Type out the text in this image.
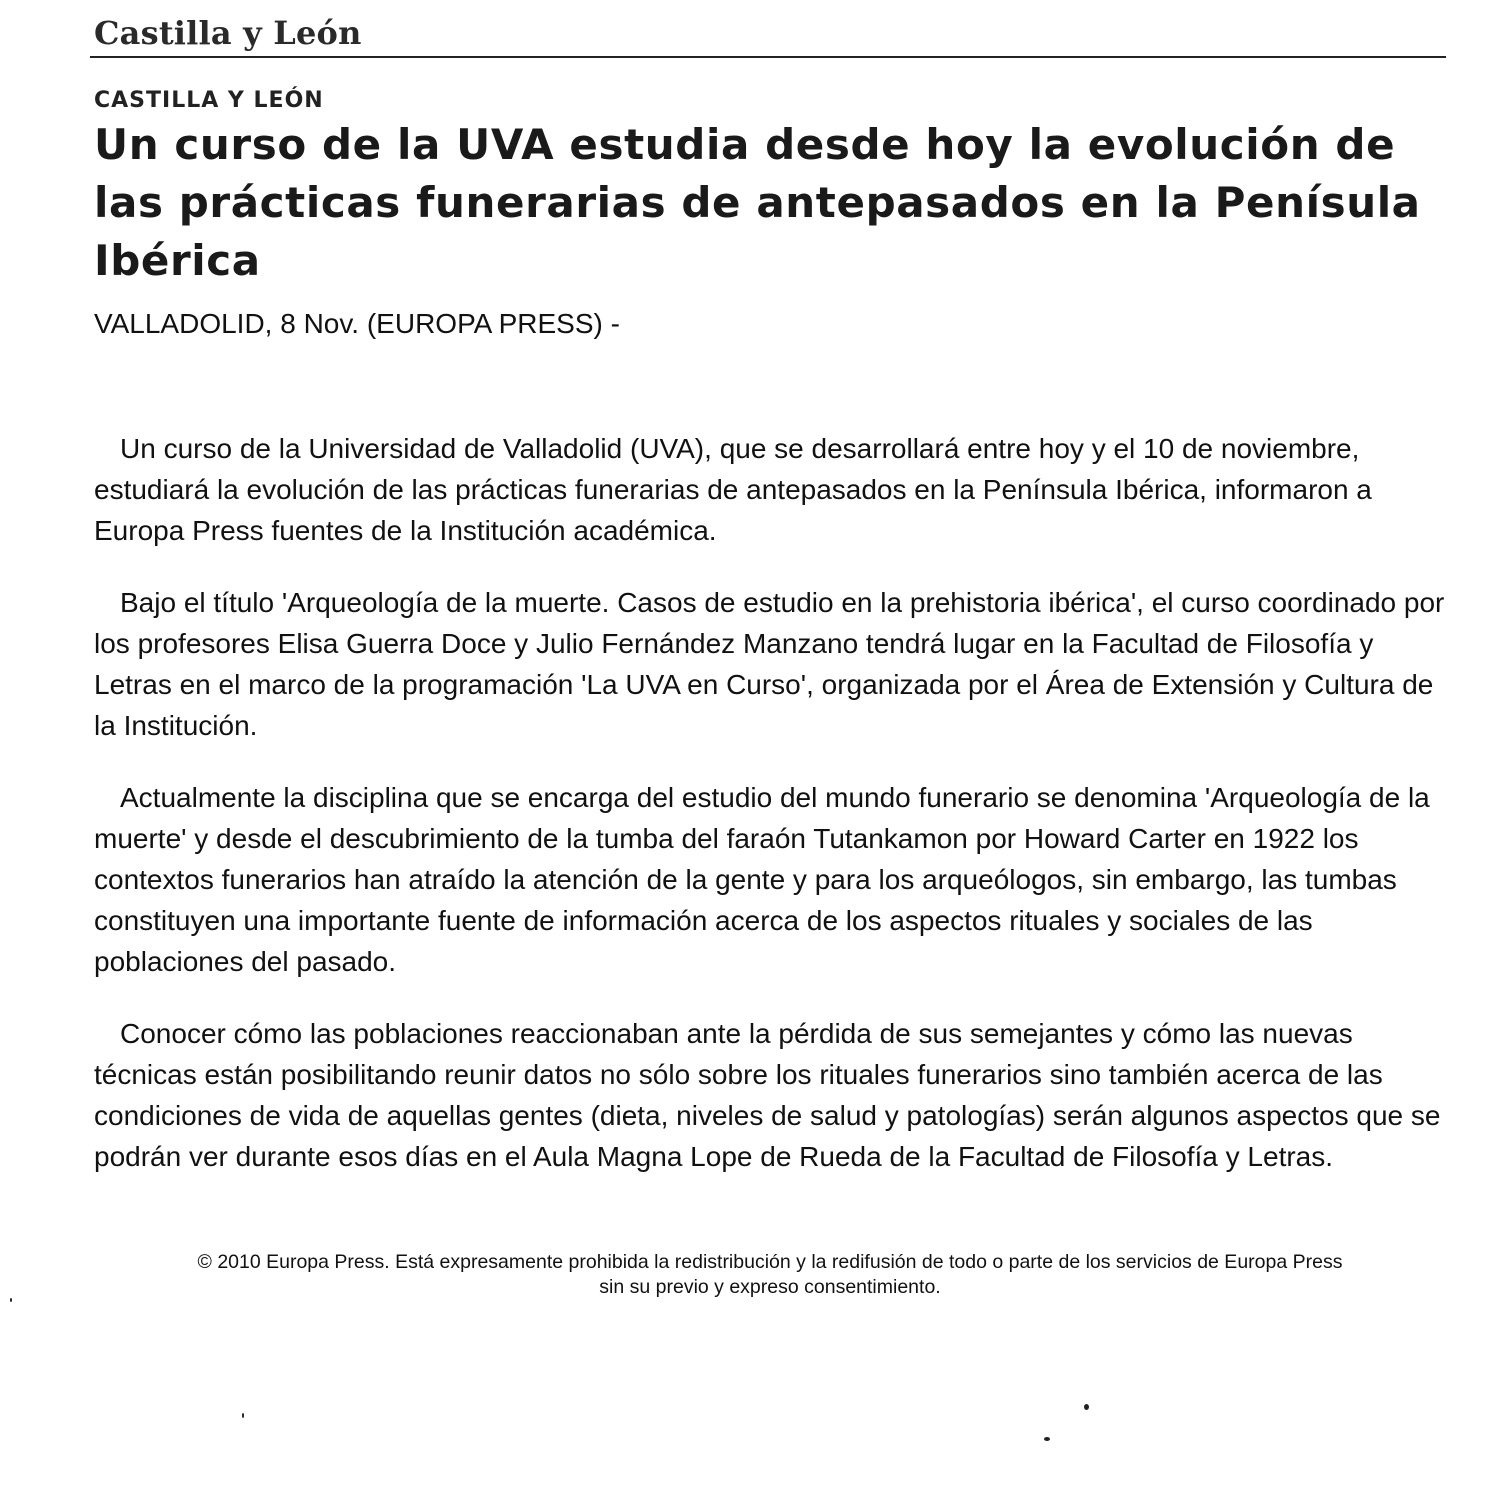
Castilla y León
CASTILLA Y LEÓN
Un curso de la UVA estudia desde hoy la evolución de las prácticas funerarias de antepasados en la Penísula Ibérica
VALLADOLID, 8 Nov. (EUROPA PRESS) -

Un curso de la Universidad de Valladolid (UVA), que se desarrollará entre hoy y el 10 de noviembre, estudiará la evolución de las prácticas funerarias de antepasados en la Península Ibérica, informaron a Europa Press fuentes de la Institución académica.

Bajo el título 'Arqueología de la muerte. Casos de estudio en la prehistoria ibérica', el curso coordinado por los profesores Elisa Guerra Doce y Julio Fernández Manzano tendrá lugar en la Facultad de Filosofía y Letras en el marco de la programación 'La UVA en Curso', organizada por el Área de Extensión y Cultura de la Institución.

Actualmente la disciplina que se encarga del estudio del mundo funerario se denomina 'Arqueología de la muerte' y desde el descubrimiento de la tumba del faraón Tutankamon por Howard Carter en 1922 los contextos funerarios han atraído la atención de la gente y para los arqueólogos, sin embargo, las tumbas constituyen una importante fuente de información acerca de los aspectos rituales y sociales de las poblaciones del pasado.

Conocer cómo las poblaciones reaccionaban ante la pérdida de sus semejantes y cómo las nuevas técnicas están posibilitando reunir datos no sólo sobre los rituales funerarios sino también acerca de las condiciones de vida de aquellas gentes (dieta, niveles de salud y patologías) serán algunos aspectos que se podrán ver durante esos días en el Aula Magna Lope de Rueda de la Facultad de Filosofía y Letras.

© 2010 Europa Press. Está expresamente prohibida la redistribución y la redifusión de todo o parte de los servicios de Europa Press
sin su previo y expreso consentimiento.
